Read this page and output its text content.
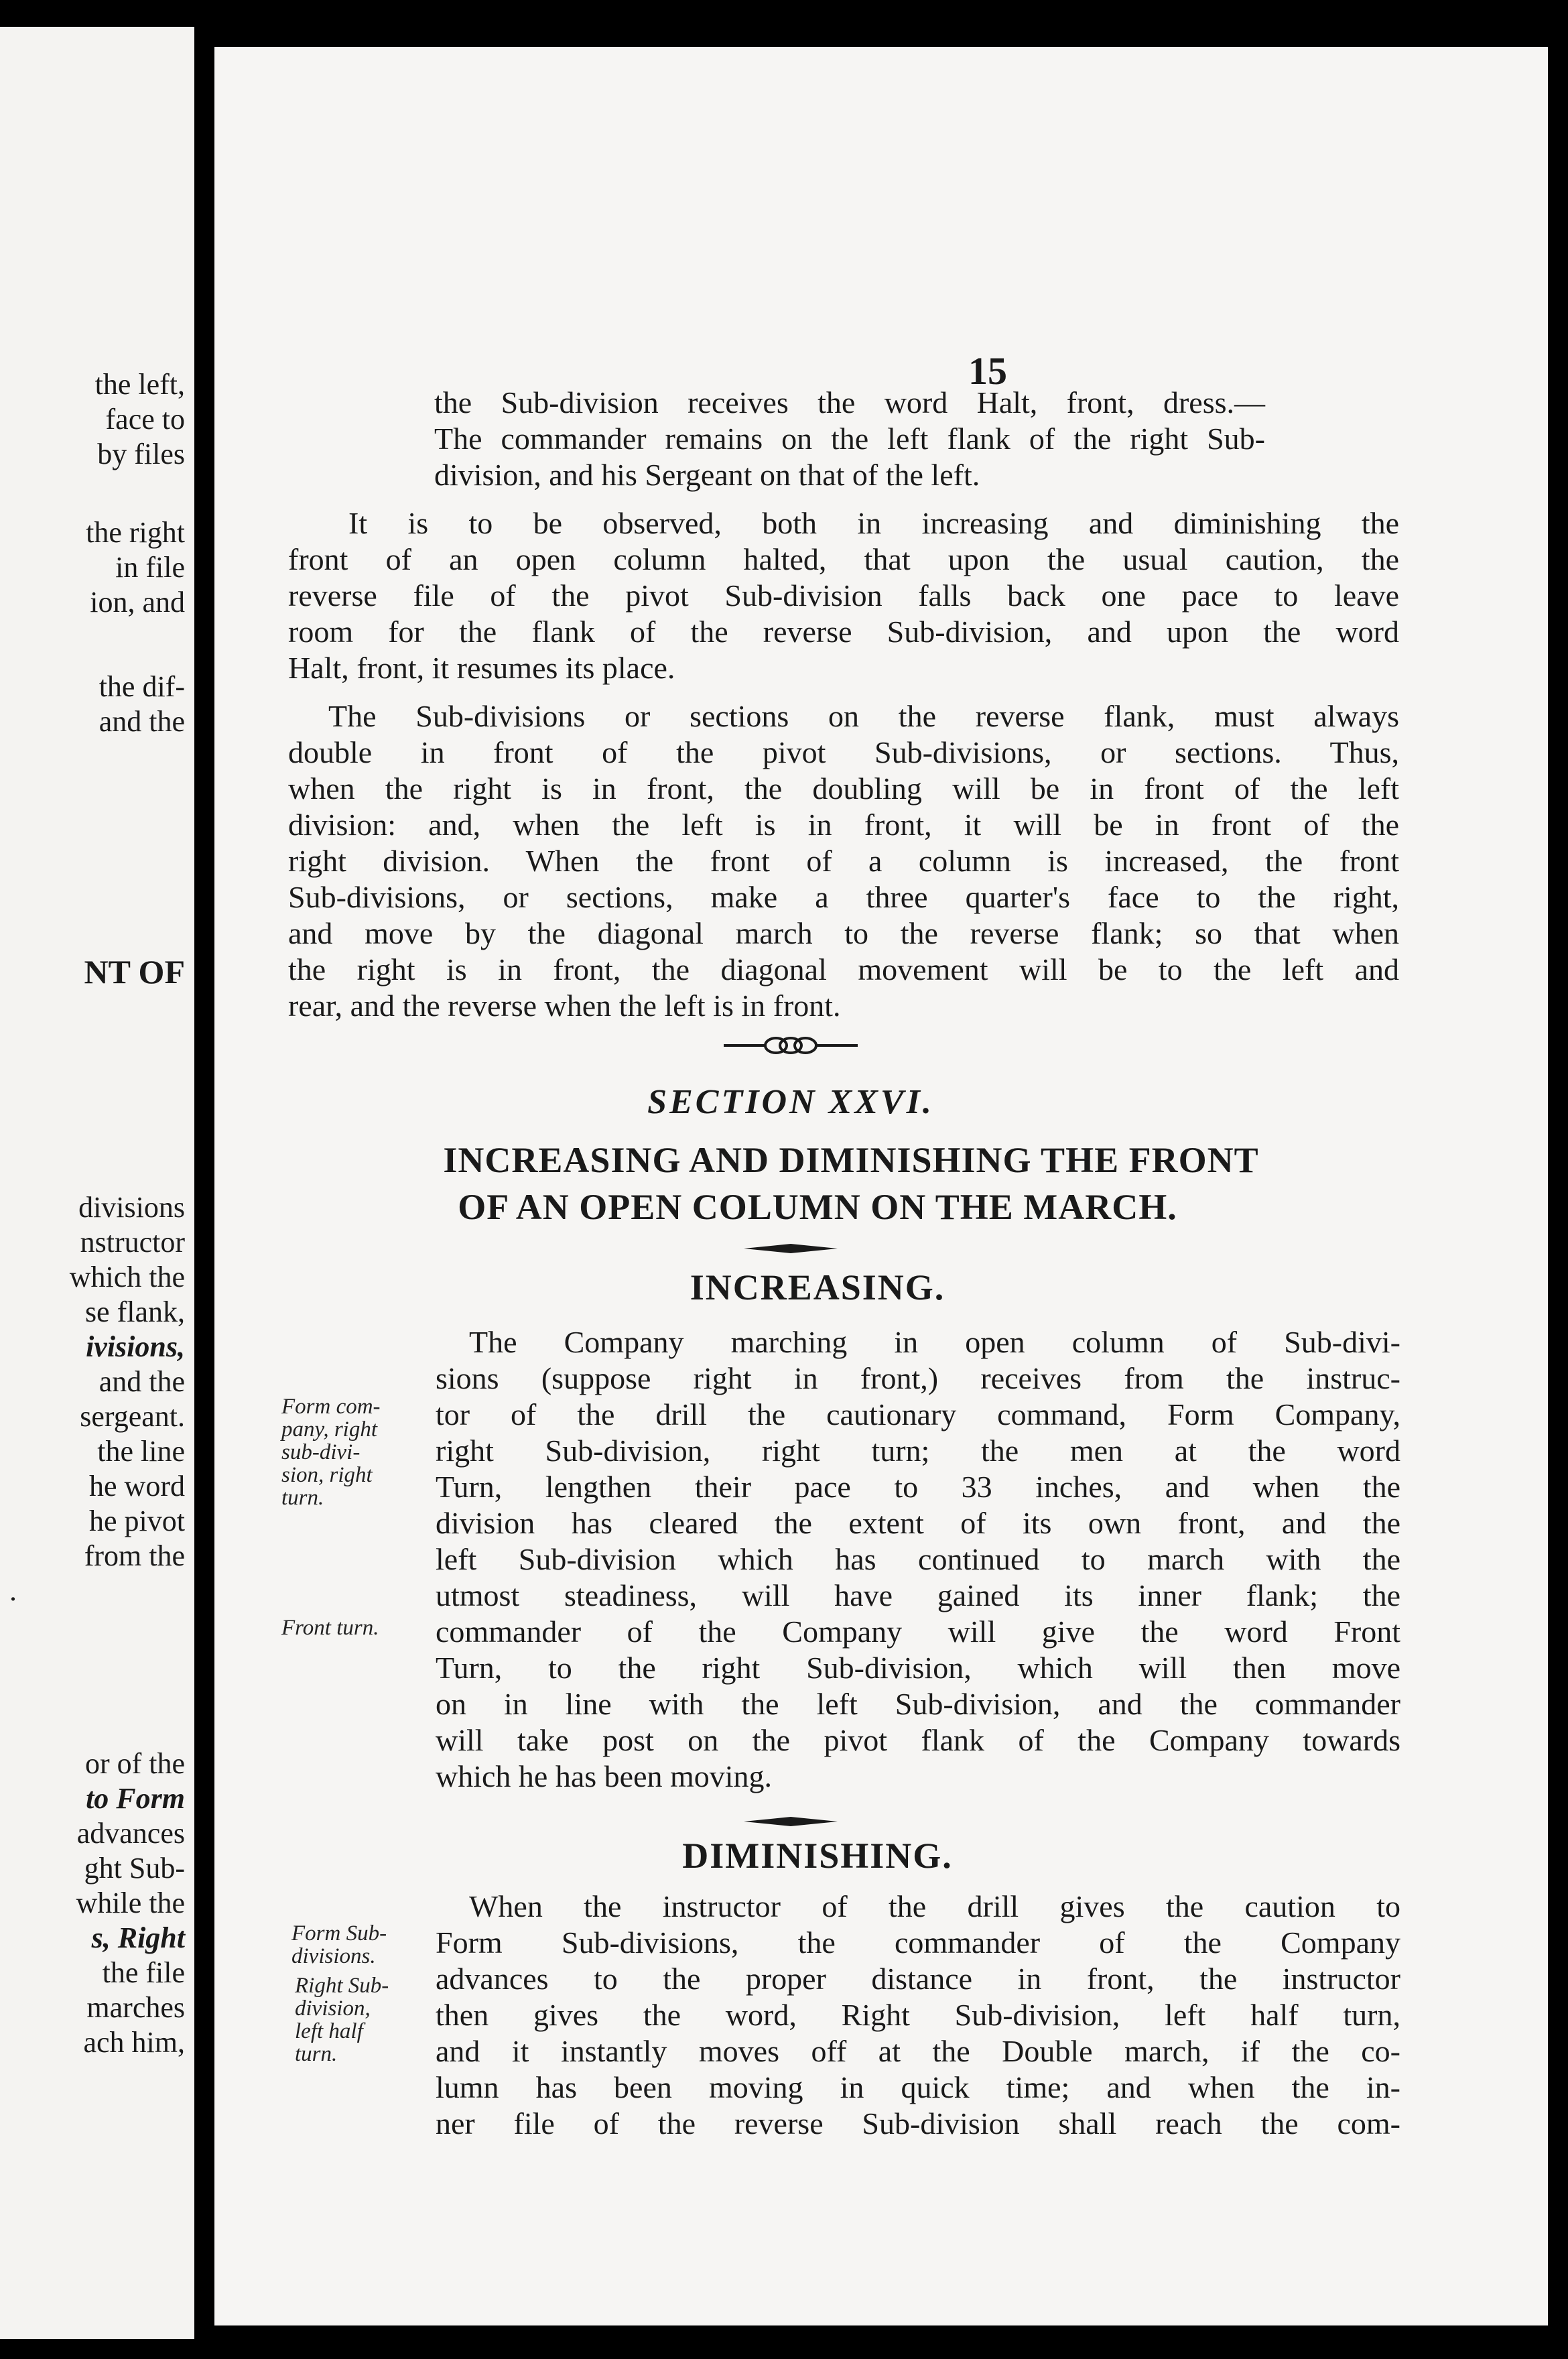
the left,
face to
by files
the right
in file
ion, and
the dif-
and the
NT OF
divisions
nstructor
which the
se flank,
ivisions,
and the
sergeant.
the line
he word
he pivot
from the
.
or of the
to Form
advances
ght Sub-
while the
s, Right
the file
marches
ach him,
15
the Sub-division receives the word Halt, front, dress.—
The commander remains on the left flank of the right Sub-
division, and his Sergeant on that of the left.
It is to be observed, both in increasing and diminishing the
front of an open column halted, that upon the usual caution, the
reverse file of the pivot Sub-division falls back one pace to leave
room for the flank of the reverse Sub-division, and upon the word
Halt, front, it resumes its place.
The Sub-divisions or sections on the reverse flank, must always
double in front of the pivot Sub-divisions, or sections. Thus,
when the right is in front, the doubling will be in front of the left
division: and, when the left is in front, it will be in front of the
right division. When the front of a column is increased, the front
Sub-divisions, or sections, make a three quarter's face to the right,
and move by the diagonal march to the reverse flank; so that when
the right is in front, the diagonal movement will be to the left and
rear, and the reverse when the left is in front.
SECTION XXVI.
INCREASING AND DIMINISHING THE FRONT
OF AN OPEN COLUMN ON THE MARCH.
INCREASING.
The Company marching in open column of Sub-divi-
sions (suppose right in front,) receives from the instruc-
tor of the drill the cautionary command, Form Company,
right Sub-division, right turn; the men at the word
Turn, lengthen their pace to 33 inches, and when the
division has cleared the extent of its own front, and the
left Sub-division which has continued to march with the
utmost steadiness, will have gained its inner flank; the
commander of the Company will give the word Front
Turn, to the right Sub-division, which will then move
on in line with the left Sub-division, and the commander
will take post on the pivot flank of the Company towards
which he has been moving.
DIMINISHING.
When the instructor of the drill gives the caution to
Form Sub-divisions, the commander of the Company
advances to the proper distance in front, the instructor
then gives the word, Right Sub-division, left half turn,
and it instantly moves off at the Double march, if the co-
lumn has been moving in quick time; and when the in-
ner file of the reverse Sub-division shall reach the com-
Form com-
pany, right
sub-divi-
sion, right
turn.
Front turn.
Form Sub-
divisions.
Right Sub-
division,
left half
turn.
